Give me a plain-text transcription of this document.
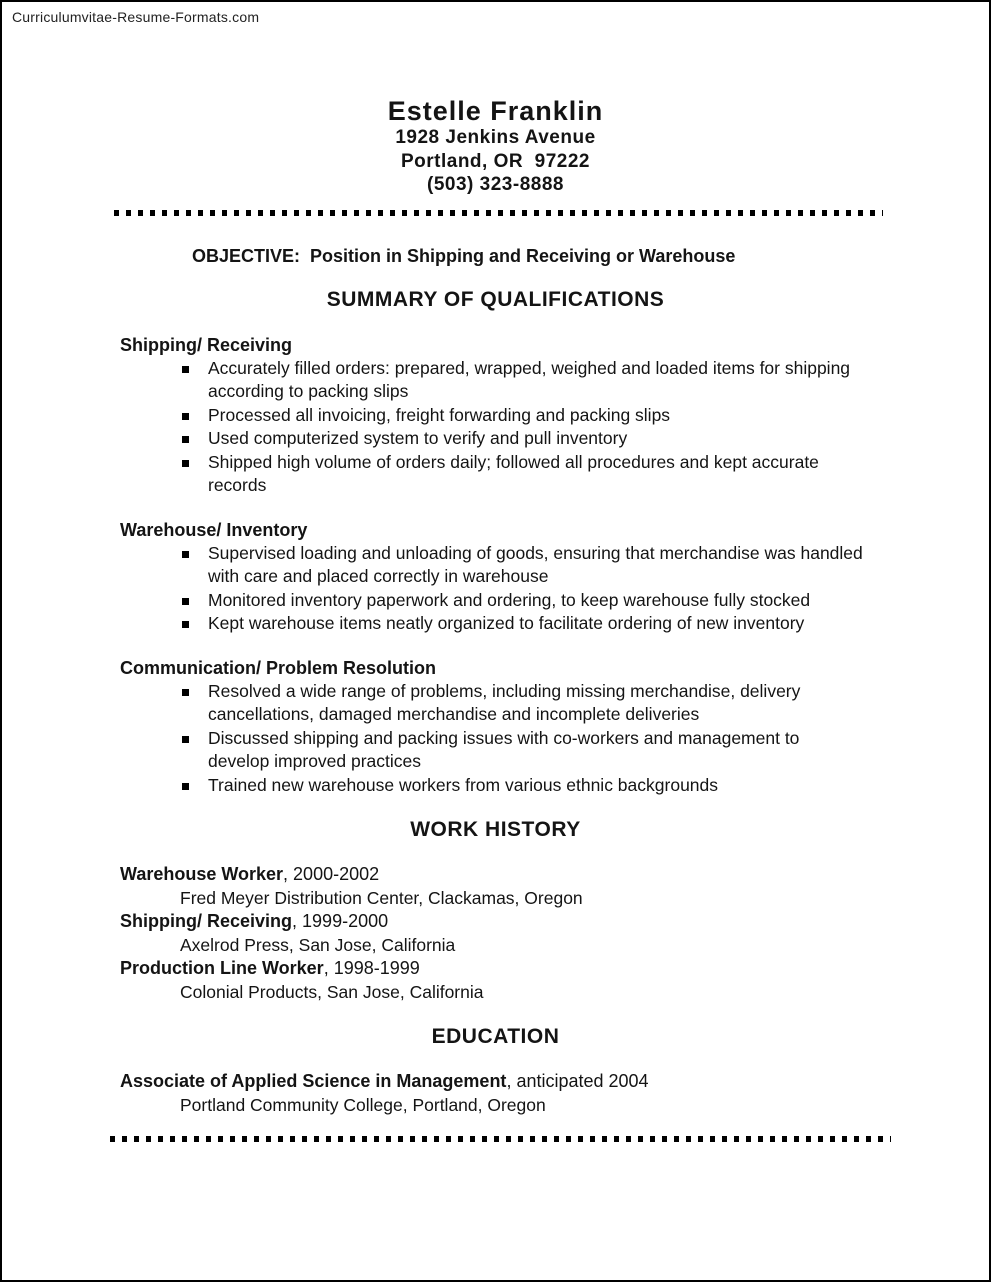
Curriculumvitae-Resume-Formats.com
Estelle Franklin
1928 Jenkins Avenue
Portland, OR  97222
(503) 323-8888

OBJECTIVE: Position in Shipping and Receiving or Warehouse

SUMMARY OF QUALIFICATIONS
Shipping/ Receiving
Accurately filled orders: prepared, wrapped, weighed and loaded items for shipping according to packing slips
Processed all invoicing, freight forwarding and packing slips
Used computerized system to verify and pull inventory
Shipped high volume of orders daily; followed all procedures and kept accurate records
Warehouse/ Inventory
Supervised loading and unloading of goods, ensuring that merchandise was handled with care and placed correctly in warehouse
Monitored inventory paperwork and ordering, to keep warehouse fully stocked
Kept warehouse items neatly organized to facilitate ordering of new inventory
Communication/ Problem Resolution
Resolved a wide range of problems, including missing merchandise, delivery cancellations, damaged merchandise and incomplete deliveries
Discussed shipping and packing issues with co-workers and management to develop improved practices
Trained new warehouse workers from various ethnic backgrounds
WORK HISTORY

Warehouse Worker, 2000-2002

Fred Meyer Distribution Center, Clackamas, Oregon

Shipping/ Receiving, 1999-2000

Axelrod Press, San Jose, California

Production Line Worker, 1998-1999

Colonial Products, San Jose, California

EDUCATION

Associate of Applied Science in Management, anticipated 2004

Portland Community College, Portland, Oregon
